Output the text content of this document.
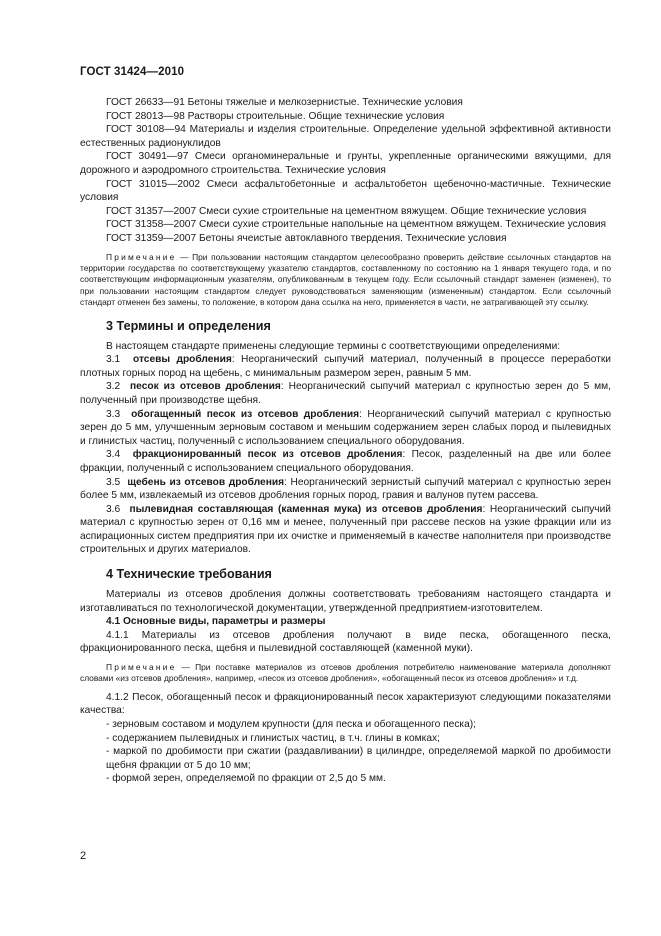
ГОСТ 31424—2010

ГОСТ 26633—91 Бетоны тяжелые и мелкозернистые. Технические условия

ГОСТ 28013—98 Растворы строительные. Общие технические условия

ГОСТ 30108—94 Материалы и изделия строительные. Определение удельной эффективной активности естественных радионуклидов

ГОСТ 30491—97 Смеси органоминеральные и грунты, укрепленные органическими вяжущими, для дорожного и аэродромного строительства. Технические условия

ГОСТ 31015—2002 Смеси асфальтобетонные и асфальтобетон щебеночно-мастичные. Технические условия

ГОСТ 31357—2007 Смеси сухие строительные на цементном вяжущем. Общие технические условия

ГОСТ 31358—2007 Смеси сухие строительные напольные на цементном вяжущем. Технические условия

ГОСТ 31359—2007 Бетоны ячеистые автоклавного твердения. Технические условия

Примечание — При пользовании настоящим стандартом целесообразно проверить действие ссылочных стандартов на территории государства по соответствующему указателю стандартов, составленному по состоянию на 1 января текущего года, и по соответствующим информационным указателям, опубликованным в текущем году. Если ссылочный стандарт заменен (изменен), то при пользовании настоящим стандартом следует руководствоваться заменяющим (измененным) стандартом. Если ссылочный стандарт отменен без замены, то положение, в котором дана ссылка на него, применяется в части, не затрагивающей эту ссылку.

3 Термины и определения

В настоящем стандарте применены следующие термины с соответствующими определениями:

3.1 отсевы дробления: Неорганический сыпучий материал, полученный в процессе переработки плотных горных пород на щебень, с минимальным размером зерен, равным 5 мм.

3.2 песок из отсевов дробления: Неорганический сыпучий материал с крупностью зерен до 5 мм, полученный при производстве щебня.

3.3 обогащенный песок из отсевов дробления: Неорганический сыпучий материал с крупностью зерен до 5 мм, улучшенным зерновым составом и меньшим содержанием зерен слабых пород и пылевидных и глинистых частиц, полученный с использованием специального оборудования.

3.4 фракционированный песок из отсевов дробления: Песок, разделенный на две или более фракции, полученный с использованием специального оборудования.

3.5 щебень из отсевов дробления: Неорганический зернистый сыпучий материал с крупностью зерен более 5 мм, извлекаемый из отсевов дробления горных пород, гравия и валунов путем рассева.

3.6 пылевидная составляющая (каменная мука) из отсевов дробления: Неорганический сыпучий материал с крупностью зерен от 0,16 мм и менее, полученный при рассеве песков на узкие фракции или из аспирационных систем предприятия при их очистке и применяемый в качестве наполнителя при производстве строительных и других материалов.

4 Технические требования

Материалы из отсевов дробления должны соответствовать требованиям настоящего стандарта и изготавливаться по технологической документации, утвержденной предприятием-изготовителем.

4.1 Основные виды, параметры и размеры

4.1.1 Материалы из отсевов дробления получают в виде песка, обогащенного песка, фракционированного песка, щебня и пылевидной составляющей (каменной муки).

Примечание — При поставке материалов из отсевов дробления потребителю наименование материала дополняют словами «из отсевов дробления», например, «песок из отсевов дробления», «обогащенный песок из отсевов дробления» и т.д.

4.1.2 Песок, обогащенный песок и фракционированный песок характеризуют следующими показателями качества:

- зерновым составом и модулем крупности (для песка и обогащенного песка);

- содержанием пылевидных и глинистых частиц, в т.ч. глины в комках;

- маркой по дробимости при сжатии (раздавливании) в цилиндре, определяемой маркой по дробимости щебня фракции от 5 до 10 мм;

- формой зерен, определяемой по фракции от 2,5 до 5 мм.

2
